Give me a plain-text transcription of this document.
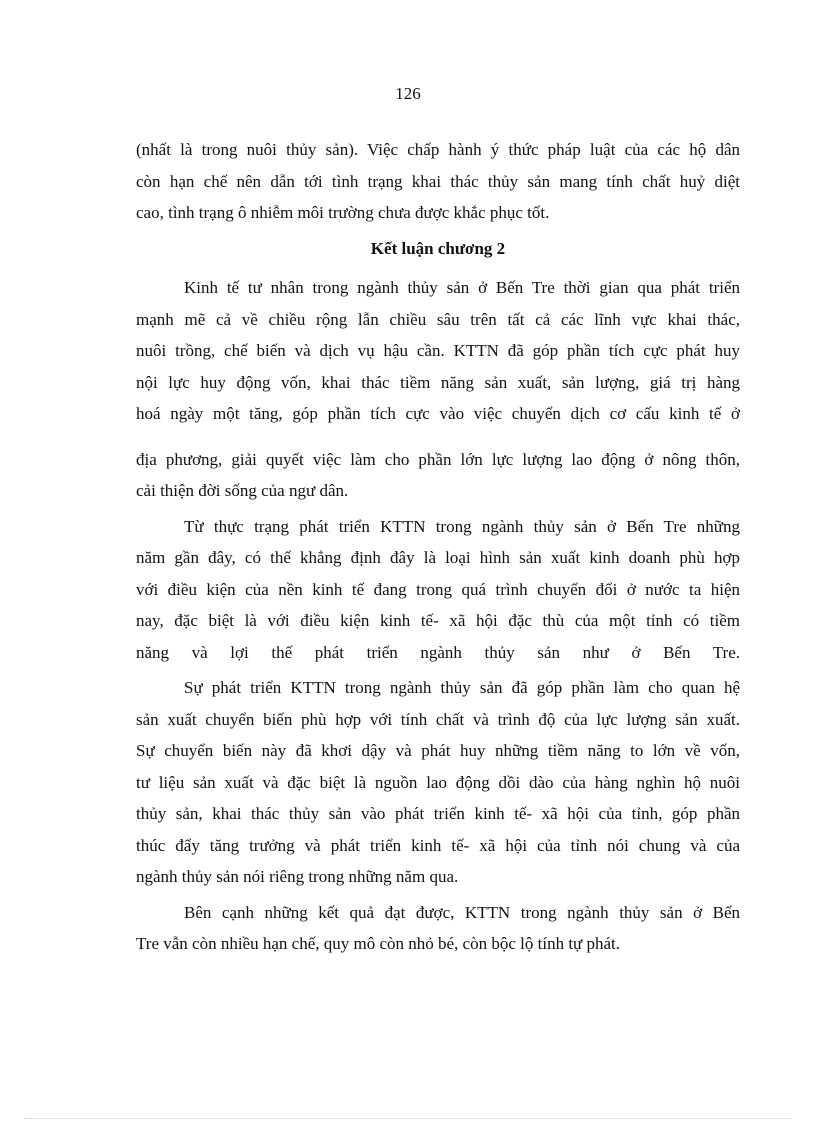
126
(nhất là trong nuôi thủy sản). Việc chấp hành ý thức pháp luật của các hộ dân
còn hạn chế nên dẫn tới tình trạng khai thác thủy sản mang tính chất huỷ diệt
cao, tình trạng ô nhiễm môi trường chưa được khắc phục tốt.
Kết luận chương 2
Kinh tế tư nhân trong ngành thủy sản ở Bến Tre thời gian qua phát triển
mạnh mẽ cả về chiều rộng lẫn chiều sâu trên tất cả các lĩnh vực khai thác,
nuôi trồng, chế biến và dịch vụ hậu cần. KTTN đã góp phần tích cực phát huy
nội lực huy động vốn, khai thác tiềm năng sản xuất, sản lượng, giá trị hàng
hoá ngày một tăng, góp phần tích cực vào việc chuyển dịch cơ cấu kinh tế ở
địa phương, giải quyết việc làm cho phần lớn lực lượng lao động ở nông thôn,
cải thiện đời sống của ngư dân.
Từ thực trạng phát triển KTTN trong ngành thủy sản ở Bến Tre những
năm gần đây, có thể khẳng định đây là loại hình sản xuất kinh doanh phù hợp
với điều kiện của nền kinh tế đang trong quá trình chuyển đổi ở nước ta hiện
nay, đặc biệt là với điều kiện kinh tế- xã hội đặc thù của một tỉnh có tiềm
năng và lợi thế phát triển ngành thủy sản như ở Bến Tre.
Sự phát triển KTTN trong ngành thủy sản đã góp phần làm cho quan hệ
sản xuất chuyển biến phù hợp với tính chất và trình độ của lực lượng sản xuất.
Sự chuyển biến này đã khơi dậy và phát huy những tiềm năng to lớn về vốn,
tư liệu sản xuất và đặc biệt là nguồn lao động dồi dào của hàng nghìn hộ nuôi
thủy sản, khai thác thủy sản vào phát triển kinh tế- xã hội của tỉnh, góp phần
thúc đẩy tăng trưởng và phát triển kinh tế- xã hội của tỉnh nói chung và của
ngành thủy sản nói riêng trong những năm qua.
Bên cạnh những kết quả đạt được, KTTN trong ngành thủy sản ở Bến
Tre vẫn còn nhiều hạn chế, quy mô còn nhỏ bé, còn bộc lộ tính tự phát.
